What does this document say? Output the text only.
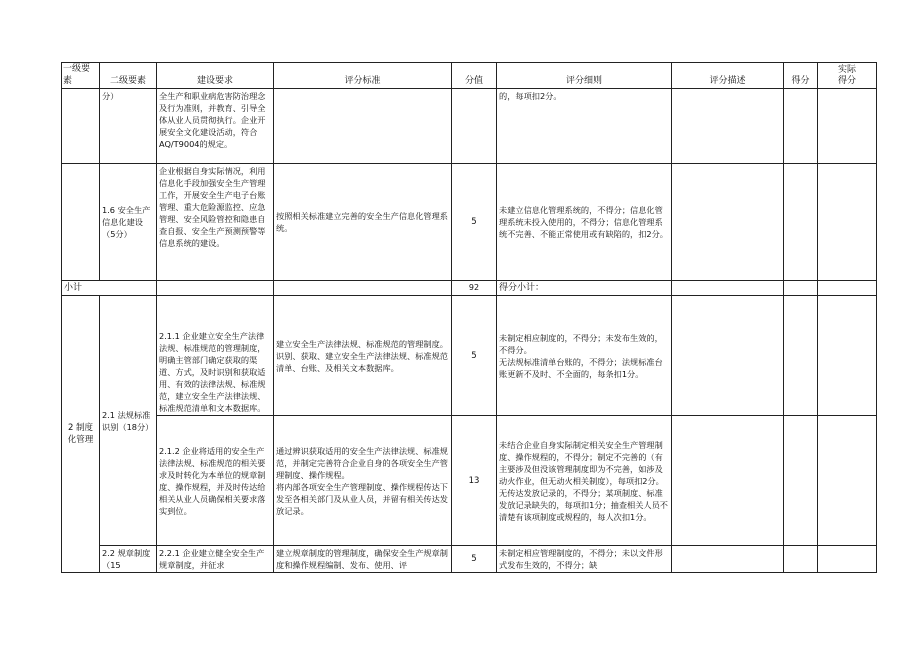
一级要素	二级要素	建设要求	评分标准	分值	评分细则	评分描述	得分	实际
得分
	分）	全生产和职业病危害防治理念及行为准则，并教育、引导全体从业人员贯彻执行。企业开展安全文化建设活动，符合AQ/T9004的规定。			的，每项扣2分。			
	1.6 安全生产信息化建设（5分）	企业根据自身实际情况，利用信息化手段加强安全生产管理工作，开展安全生产电子台账管理、重大危险源监控、应急管理、安全风险管控和隐患自查自报、安全生产预测预警等信息系统的建设。	按照相关标准建立完善的安全生产信息化管理系统。	5	未建立信息化管理系统的，不得分；信息化管理系统未投入使用的，不得分；信息化管理系统不完善、不能正常使用或有缺陷的，扣2分。			
小计				92	得分小计：			
2 制度化管理	2.1 法规标准识别（18分）	2.1.1 企业建立安全生产法律法规、标准规范的管理制度，明确主管部门确定获取的渠道、方式，及时识别和获取适用、有效的法律法规、标准规范，建立安全生产法律法规、标准规范清单和文本数据库。	建立安全生产法律法规、标准规范的管理制度。识别、获取、建立安全生产法律法规、标准规范清单、台账、及相关文本数据库。	5	未制定相应制度的，不得分；未发布生效的，不得分。
无法规标准清单台账的，不得分；法规标准台账更新不及时、不全面的，每条扣1分。			
		2.1.2 企业将适用的安全生产法律法规、标准规范的相关要求及时转化为本单位的规章制度、操作规程，并及时传达给相关从业人员确保相关要求落实到位。	通过辨识获取适用的安全生产法律法规、标准规范，并制定完善符合企业自身的各项安全生产管理制度、操作规程。
将内部各项安全生产管理制度、操作规程传达下发至各相关部门及从业人员，并留有相关传达发放记录。	13	未结合企业自身实际制定相关安全生产管理制度、操作规程的，不得分；制定不完善的（有主要涉及但没该管理制度即为不完善，如涉及动火作业，但无动火相关制度），每项扣2分。
无传达发放记录的，不得分；某项制度、标准发放记录缺失的，每项扣1分；抽查相关人员不清楚有该项制度或规程的，每人次扣1分。			
	2.2 规章制度（15	2.2.1 企业建立健全安全生产规章制度，并征求	建立规章制度的管理制度，确保安全生产规章制度和操作规程编制、发布、使用、评	5	未制定相应管理制度的，不得分；未以文件形式发布生效的，不得分；缺			
